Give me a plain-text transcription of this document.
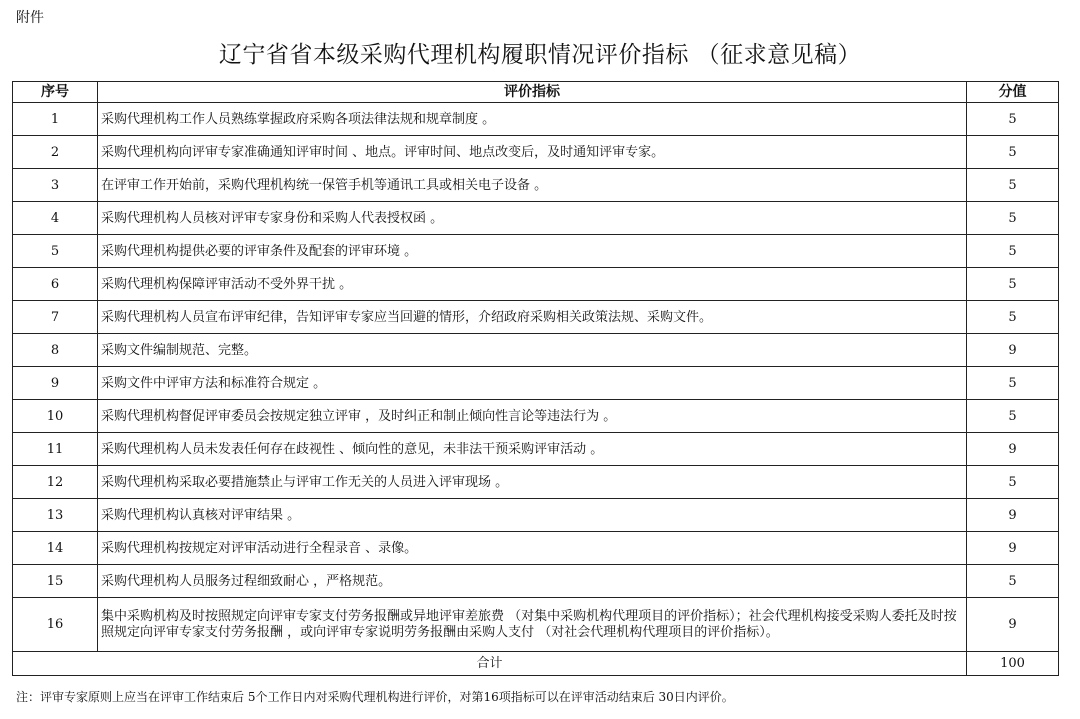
附件
辽宁省省本级采购代理机构履职情况评价指标 （征求意见稿）
序号	评价指标	分值
1	采购代理机构工作人员熟练掌握政府采购各项法律法规和规章制度 。	5
2	采购代理机构向评审专家准确通知评审时间 、地点。评审时间、地点改变后，及时通知评审专家。	5
3	在评审工作开始前，采购代理机构统一保管手机等通讯工具或相关电子设备 。	5
4	采购代理机构人员核对评审专家身份和采购人代表授权函 。	5
5	采购代理机构提供必要的评审条件及配套的评审环境 。	5
6	采购代理机构保障评审活动不受外界干扰 。	5
7	采购代理机构人员宣布评审纪律，告知评审专家应当回避的情形，介绍政府采购相关政策法规、采购文件。	5
8	采购文件编制规范、完整。	9
9	采购文件中评审方法和标准符合规定 。	5
10	采购代理机构督促评审委员会按规定独立评审 ，及时纠正和制止倾向性言论等违法行为 。	5
11	采购代理机构人员未发表任何存在歧视性 、倾向性的意见，未非法干预采购评审活动 。	9
12	采购代理机构采取必要措施禁止与评审工作无关的人员进入评审现场 。	5
13	采购代理机构认真核对评审结果 。	9
14	采购代理机构按规定对评审活动进行全程录音 、录像。	9
15	采购代理机构人员服务过程细致耐心 ，严格规范。	5
16	集中采购机构及时按照规定向评审专家支付劳务报酬或异地评审差旅费 （对集中采购机构代理项目的评价指标）；社会代理机构接受采购人委托及时按照规定向评审专家支付劳务报酬 ，或向评审专家说明劳务报酬由采购人支付 （对社会代理机构代理项目的评价指标）。	9
合计		100
注：评审专家原则上应当在评审工作结束后 5个工作日内对采购代理机构进行评价，对第16项指标可以在评审活动结束后 30日内评价。
